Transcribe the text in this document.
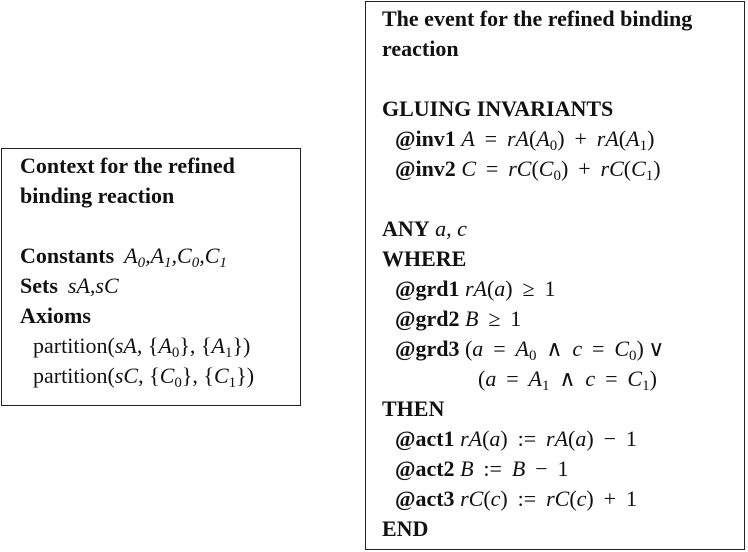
Context for the refined
binding reaction
Constants $A_0,A_1,C_0,C_1$
Sets sA,sC
Axioms
partition(sA, $\{A_0\}$, $\{A_1\}$)
partition(sC, $\{C_0\}$, $\{C_1\}$)
The event for the refined binding
reaction
GLUING INVARIANTS
@inv1 $A = rA(A_0) + rA(A_1)$
@inv2 $C = rC(C_0) + rC(C_1)$
ANY a, c
WHERE
@grd1 rA(a)  ≥  1
@grd2 B  ≥  1
@grd3 ($a = A_0$  ∧  $c = C_0$) ∨ 
($a = A_1$  ∧  $c = C_1$)
THEN
@act1 rA(a)  :=  rA(a)  −  1
@act2 B  :=  B  −  1
@act3 rC(c)  :=  rC(c)  +  1
END
